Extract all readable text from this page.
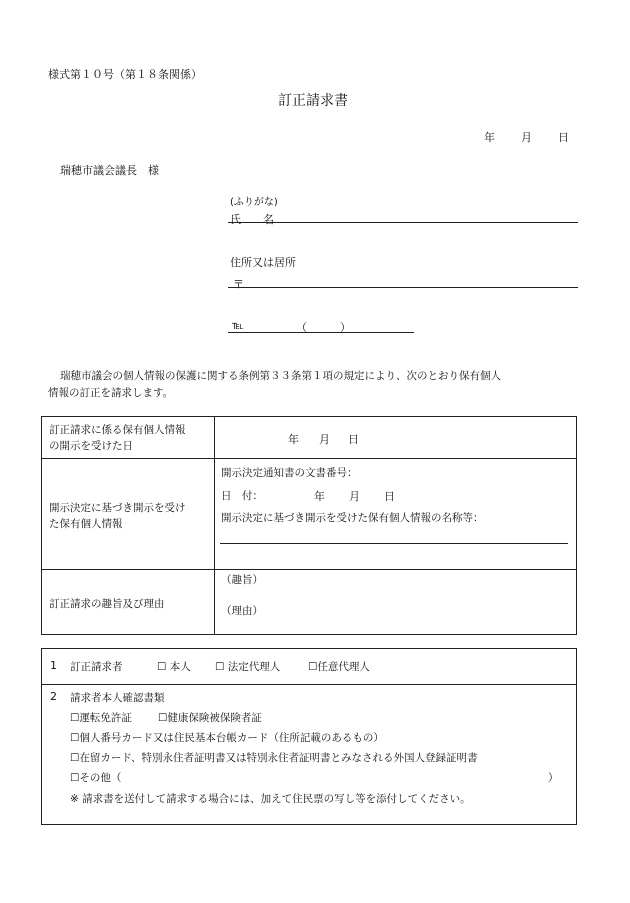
様式第１０号（第１８条関係）
訂正請求書
年 月 日
瑞穂市議会議長　様
(ふりがな)
氏　　名
住所又は居所
〒
℡	（　　　）
瑞穂市議会の個人情報の保護に関する条例第３３条第１項の規定により、次のとおり保有個人
情報の訂正を請求します。
訂正請求に係る保有個人情報
の開示を受けた日	年 月 日
開示決定に基づき開示を受け
た保有個人情報
開示決定通知書の文書番号：
日　付：	年 月 日
開示決定に基づき開示を受けた保有個人情報の名称等：
訂正請求の趣旨及び理由
（趣旨）
（理由）
1 訂正請求者	☐ 本人 ☐ 法定代理人	☐任意代理人
2 請求者本人確認書類
☐運転免許証 ☐健康保険被保険者証
☐個人番号カード又は住民基本台帳カード（住所記載のあるもの）
☐在留カード、特別永住者証明書又は特別永住者証明書とみなされる外国人登録証明書
☐その他（	）
※ 請求書を送付して請求する場合には、加えて住民票の写し等を添付してください。
